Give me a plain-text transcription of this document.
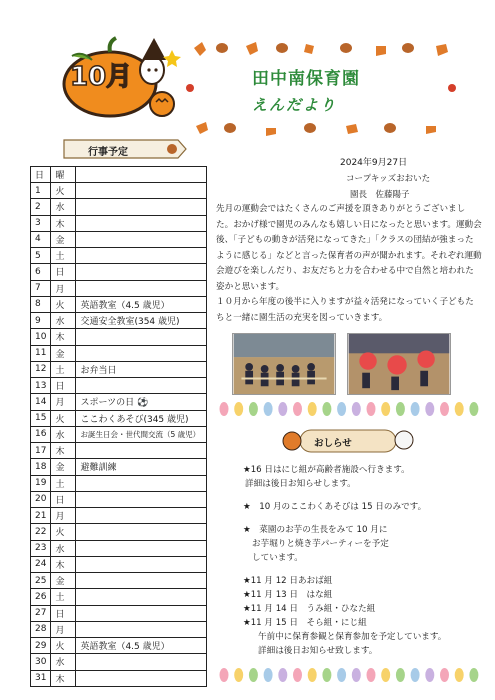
10月	田中南保育園
えんだより
行事予定
日	曜	
1	火	
2	水	
3	木	
4	金	
5	土	
6	日	
7	月	
8	火	英語教室（4.5 歳児）
9	水	交通安全教室(354 歳児)
10	木	
11	金	
12	土	お弁当日
13	日	
14	月	スポーツの日 ⚽
15	火	ここわくあそび(345 歳児)
16	水	お誕生日会・世代間交流（5 歳児）
17	木	
18	金	避難訓練
19	土	
20	日	
21	月	
22	火	
23	水	
24	木	
25	金	
26	土	
27	日	
28	月	
29	火	英語教室（4.5 歳児）
30	水	
31	木	
2024年9月27日
コープキッズおおいた
園長　佐藤陽子

先月の運動会ではたくさんのご声援を頂きありがとうございました。おかげ様で園児のみんなも嬉しい日になったと思います。運動会後、「子どもの動きが活発になってきた」「クラスの団結が強まったように感じる」などと言った保育者の声が聞かれます。それぞれ運動会遊びを楽しんだり、お友だちと力を合わせる中で自然と培われた姿かと思います。

１０月から年度の後半に入りますが益々活発になっていく子どもたちと一緒に園生活の充実を図っていきます。

おしらせ
★16 日はにじ組が高齢者施設へ行きます。
詳細は後日お知らせします。
★　10 月のここわくあそびは 15 日のみです。
★　菜園のお芋の生長をみて 10 月に
お芋堀りと焼き芋パーティーを予定
しています。
★11 月 12 日あおば組
★11 月 13 日　はな組
★11 月 14 日　うみ組・ひなた組
★11 月 15 日　そら組・にじ組
午前中に保育参観と保育参加を予定しています。
詳細は後日お知らせ致します。
